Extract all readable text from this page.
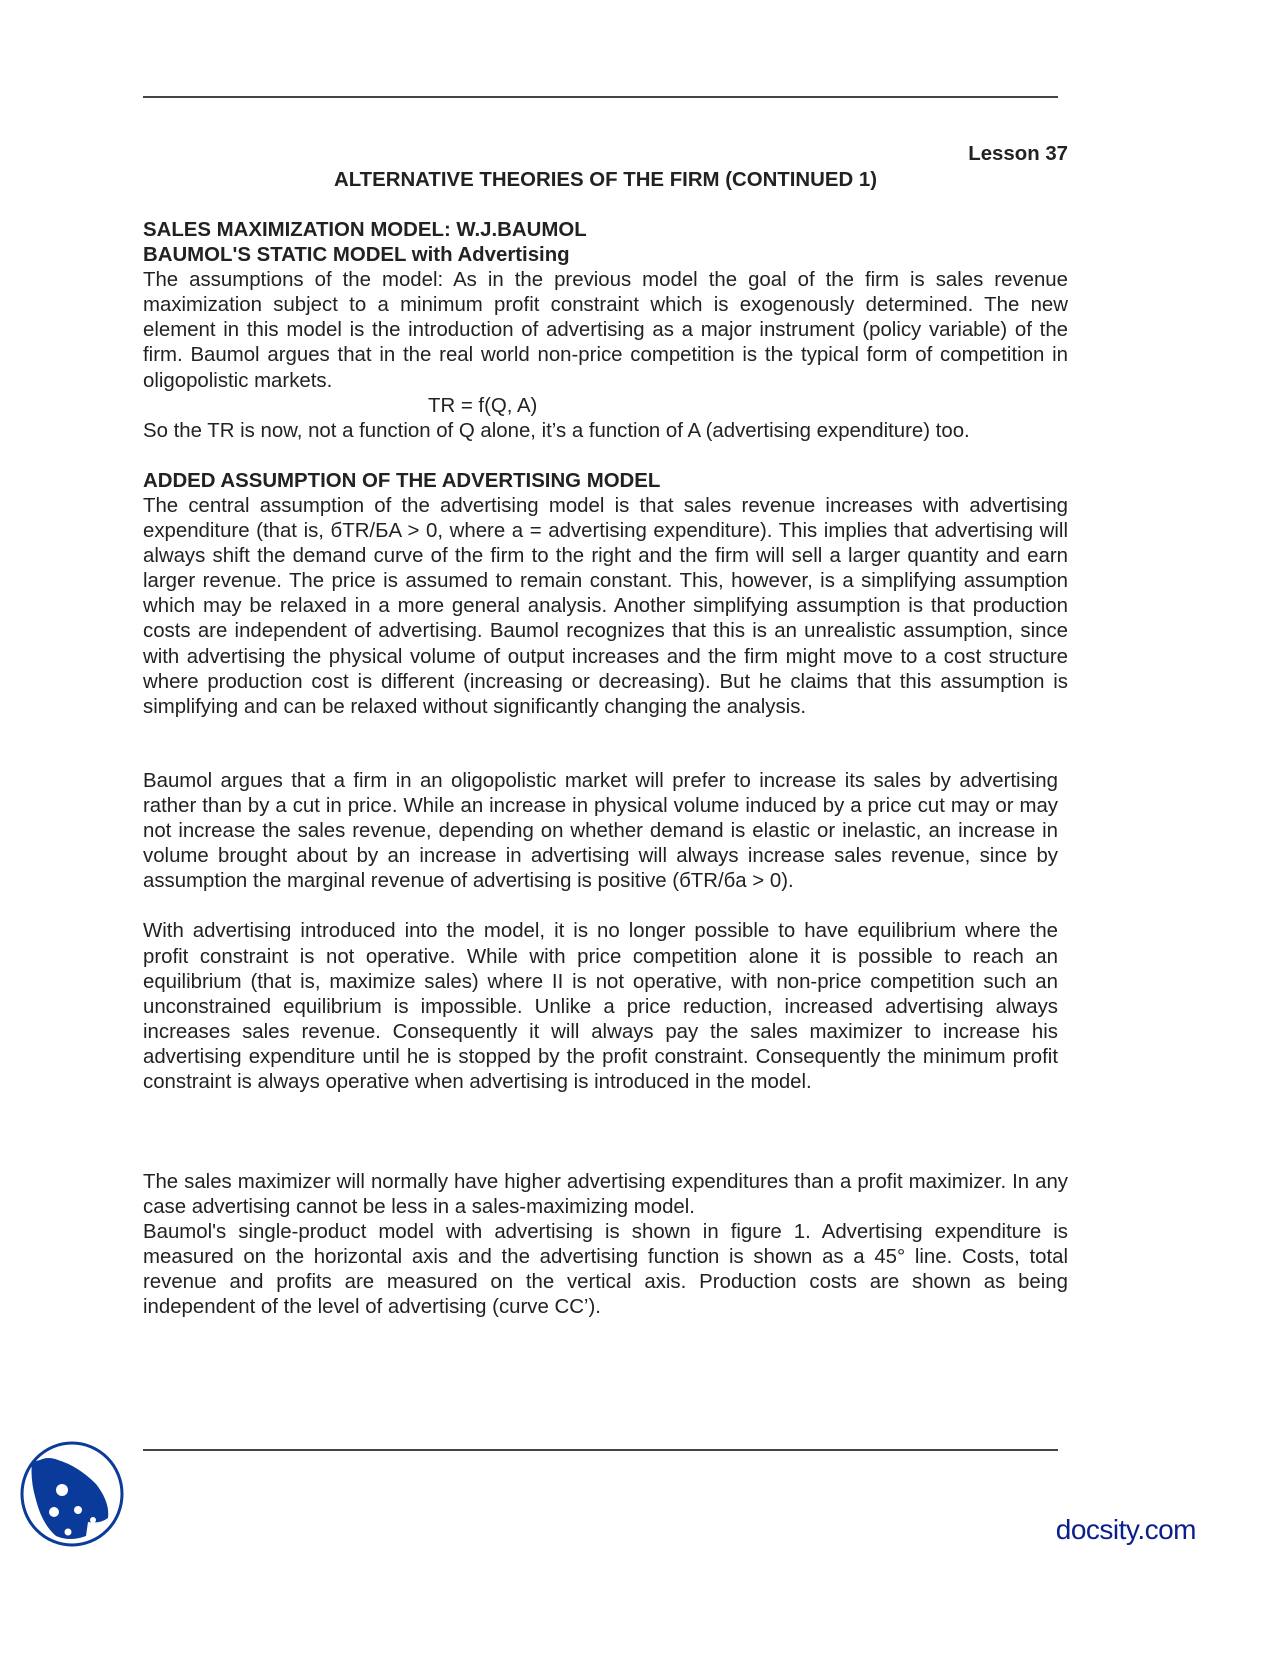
Lesson 37
ALTERNATIVE THEORIES OF THE FIRM (CONTINUED 1)

SALES MAXIMIZATION MODEL: W.J.BAUMOL

BAUMOL'S STATIC MODEL with Advertising

The assumptions of the model: As in the previous model the goal of the firm is sales revenue maximization subject to a minimum profit constraint which is exogenously determined. The new element in this model is the introduction of advertising as a major instrument (policy variable) of the firm. Baumol argues that in the real world non-price competition is the typical form of competition in oligopolistic markets.

TR = f(Q, A)

So the TR is now, not a function of Q alone, it’s a function of A (advertising expenditure) too.

ADDED ASSUMPTION OF THE ADVERTISING MODEL

The central assumption of the advertising model is that sales revenue increases with advertising expenditure (that is, бTR/БA > 0, where a = advertising expenditure). This implies that advertising will always shift the demand curve of the firm to the right and the firm will sell a larger quantity and earn larger revenue. The price is assumed to remain constant. This, however, is a simplifying assumption which may be relaxed in a more general analysis. Another simplifying assumption is that production costs are independent of advertising. Baumol recognizes that this is an unrealistic assumption, since with advertising the physical volume of output increases and the firm might move to a cost structure where production cost is different (increasing or decreasing). But he claims that this assumption is simplifying and can be relaxed without significantly changing the analysis.

Baumol argues that a firm in an oligopolistic market will prefer to increase its sales by advertising rather than by a cut in price. While an increase in physical volume induced by a price cut may or may not increase the sales revenue, depending on whether demand is elastic or inelastic, an increase in volume brought about by an increase in advertising will always increase sales revenue, since by assumption the marginal revenue of advertising is positive (бTR/бa > 0).

With advertising introduced into the model, it is no longer possible to have equilibrium where the profit constraint is not operative. While with price competition alone it is possible to reach an equilibrium (that is, maximize sales) where II is not operative, with non-price competition such an unconstrained equilibrium is impossible. Unlike a price reduction, increased advertising always increases sales revenue. Consequently it will always pay the sales maximizer to increase his advertising expenditure until he is stopped by the profit constraint. Consequently the minimum profit constraint is always operative when advertising is introduced in the model.

The sales maximizer will normally have higher advertising expenditures than a profit maximizer. In any case advertising cannot be less in a sales-maximizing model.

Baumol's single-product model with advertising is shown in figure 1. Advertising expenditure is measured on the horizontal axis and the advertising function is shown as a 45° line. Costs, total revenue and profits are measured on the vertical axis. Production costs are shown as being independent of the level of advertising (curve CC’).

docsity.com
